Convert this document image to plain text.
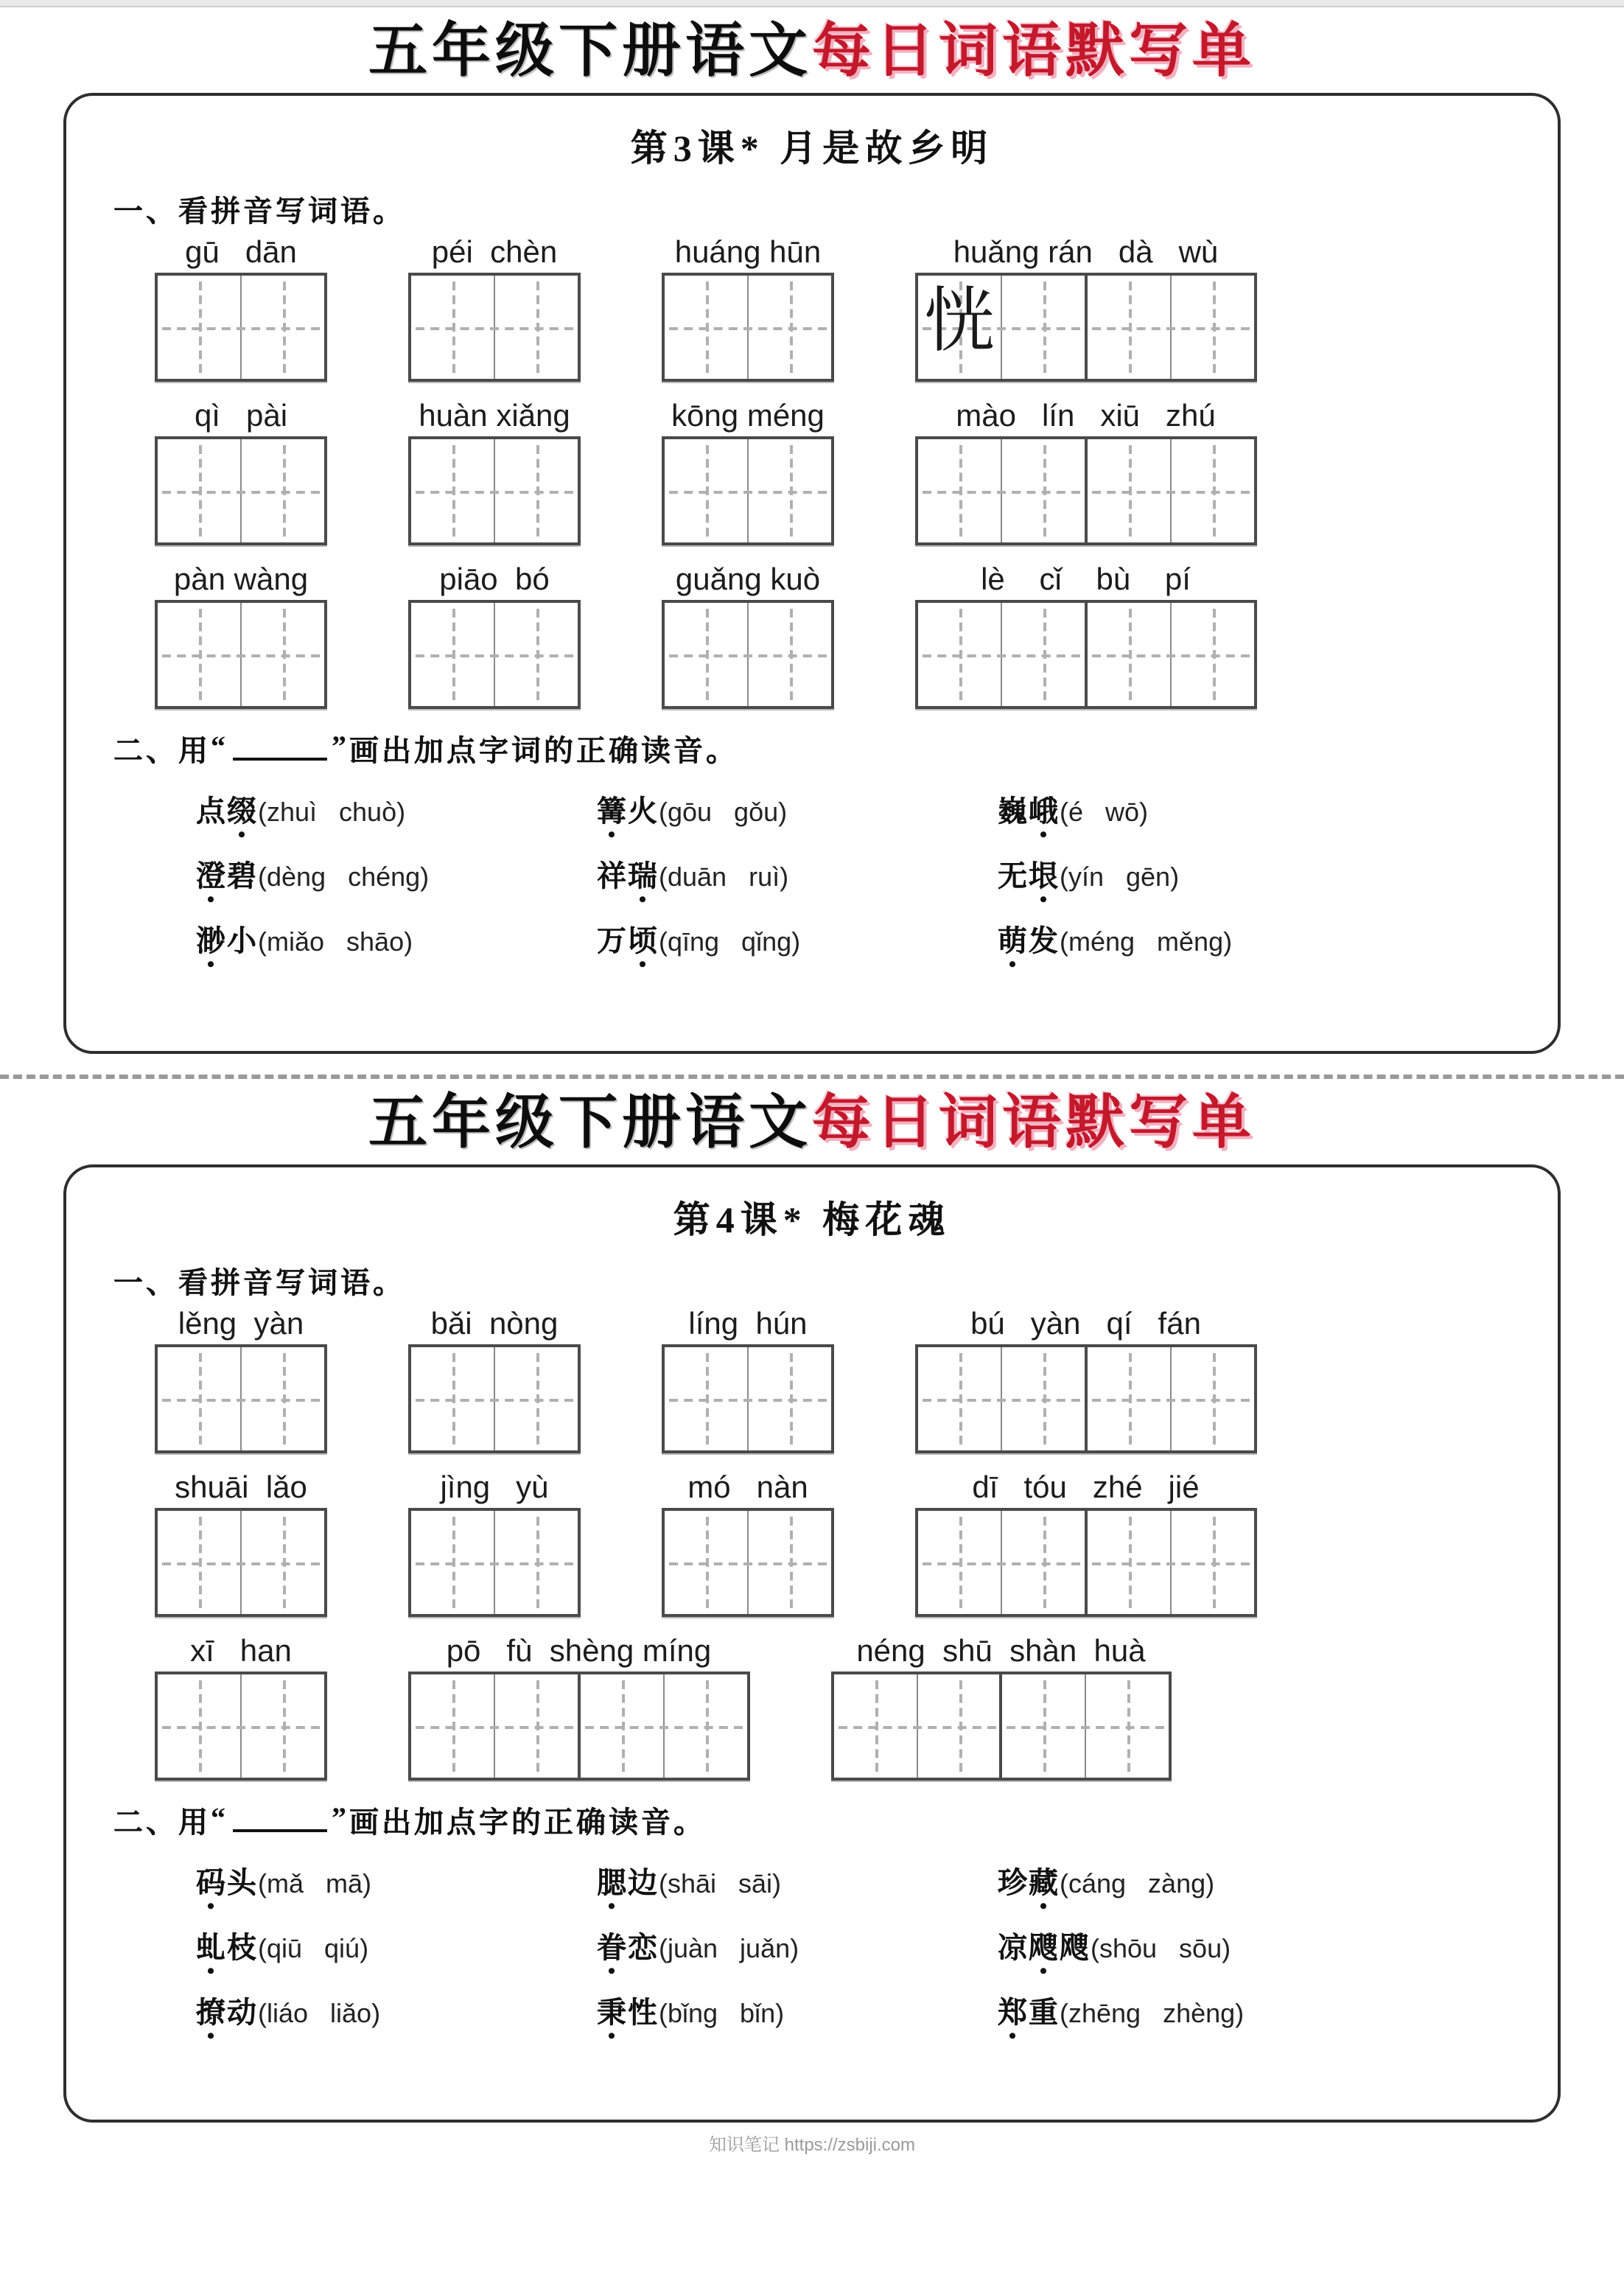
五年级下册语文每日词语默写单
第3课* 月是故乡明
一、看拼音写词语。
gū   dān	péi  chèn	huáng hūn	huǎng rán   dà   wù
恍
qì   pài	huàn xiǎng	kōng méng	mào   lín   xiū   zhú
pàn wàng	piāo  bó	guǎng kuò	lè    cǐ    bù    pí
二、用 “	” 画出加点字词的正确读音。
点缀 •(zhuì   chuò)	篝 •火(gōu   gǒu)	巍峨 •(é   wō)
澄 •碧(dèng   chéng)	祥瑞 •(duān   ruì)	无垠 •(yín   gēn)
渺 •小(miǎo   shāo)	万顷 •(qīng   qǐng)	萌 •发(méng   měng)
五年级下册语文每日词语默写单
第4课* 梅花魂
一、看拼音写词语。
lěng  yàn	bǎi  nòng	líng  hún	bú   yàn   qí   fán
shuāi  lǎo	jìng   yù	mó   nàn	dī   tóu   zhé   jié
xī   han	pō   fù  shèng míng	néng  shū  shàn  huà
二、用 “	” 画出加点字的正确读音。
码 •头(mǎ   mā)	腮 •边(shāi   sāi)	珍藏 •(cáng   zàng)
虬 •枝(qiū   qiú)	眷 •恋(juàn   juǎn)	凉飕 •飕(shōu   sōu)
撩 •动(liáo   liǎo)	秉 •性(bǐng   bǐn)	郑 •重(zhēng   zhèng)
知识笔记 https://zsbiji.com
